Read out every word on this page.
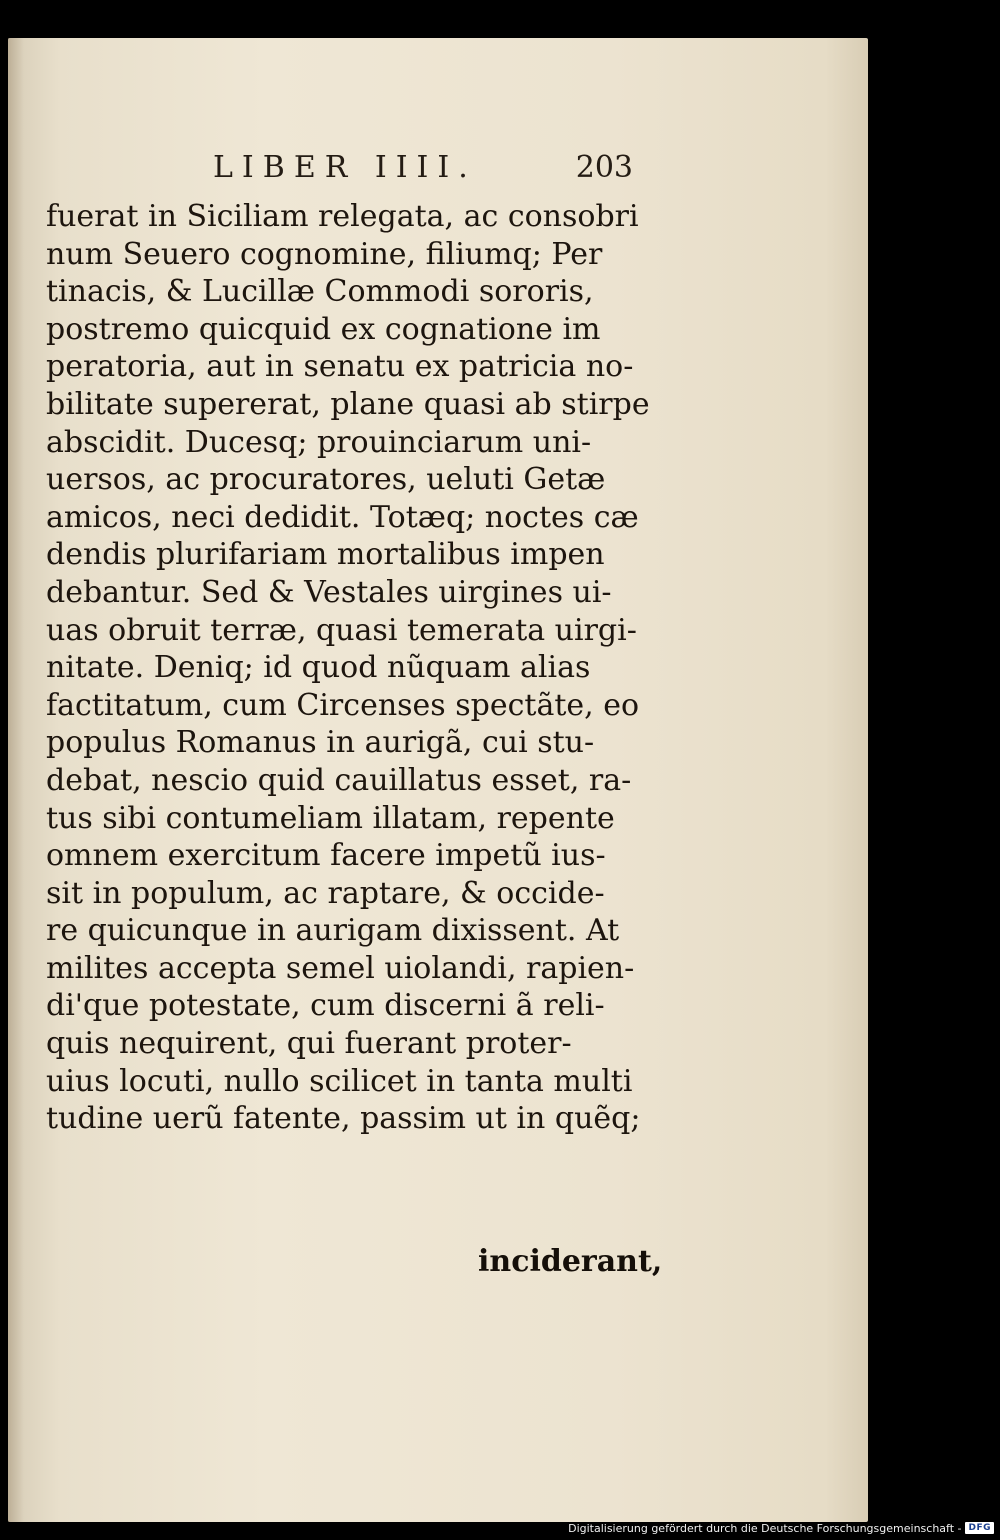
LIBER IIII.	203
fuerat in Siciliam relegata, ac consobri
num Seuero cognomine, filiumq; Per
tinacis, & Lucillæ Commodi sororis,
postremo quicquid ex cognatione im
peratoria, aut in senatu ex patricia no-
bilitate supererat, plane quasi ab stirpe
abscidit. Ducesq; prouinciarum uni-
uersos, ac procuratores, ueluti Getæ
amicos, neci dedidit. Totæq; noctes cæ
dendis plurifariam mortalibus impen
debantur. Sed & Vestales uirgines ui-
uas obruit terræ, quasi temerata uirgi-
nitate. Deniq; id quod nũquam alias
factitatum, cum Circenses spectãte, eo
populus Romanus in aurigã, cui stu-
debat, nescio quid cauillatus esset, ra-
tus sibi contumeliam illatam, repente
omnem exercitum facere impetũ ius-
sit in populum, ac raptare, & occide-
re quicunque in aurigam dixissent. At
milites accepta semel uiolandi, rapien-
di'que potestate, cum discerni ã reli-
quis nequirent, qui fuerant proter-
uius locuti, nullo scilicet in tanta multi
tudine uerũ fatente, passim ut in quẽq;
inciderant,
Digitalisierung gefördert durch die Deutsche Forschungsgemeinschaft - DFG
